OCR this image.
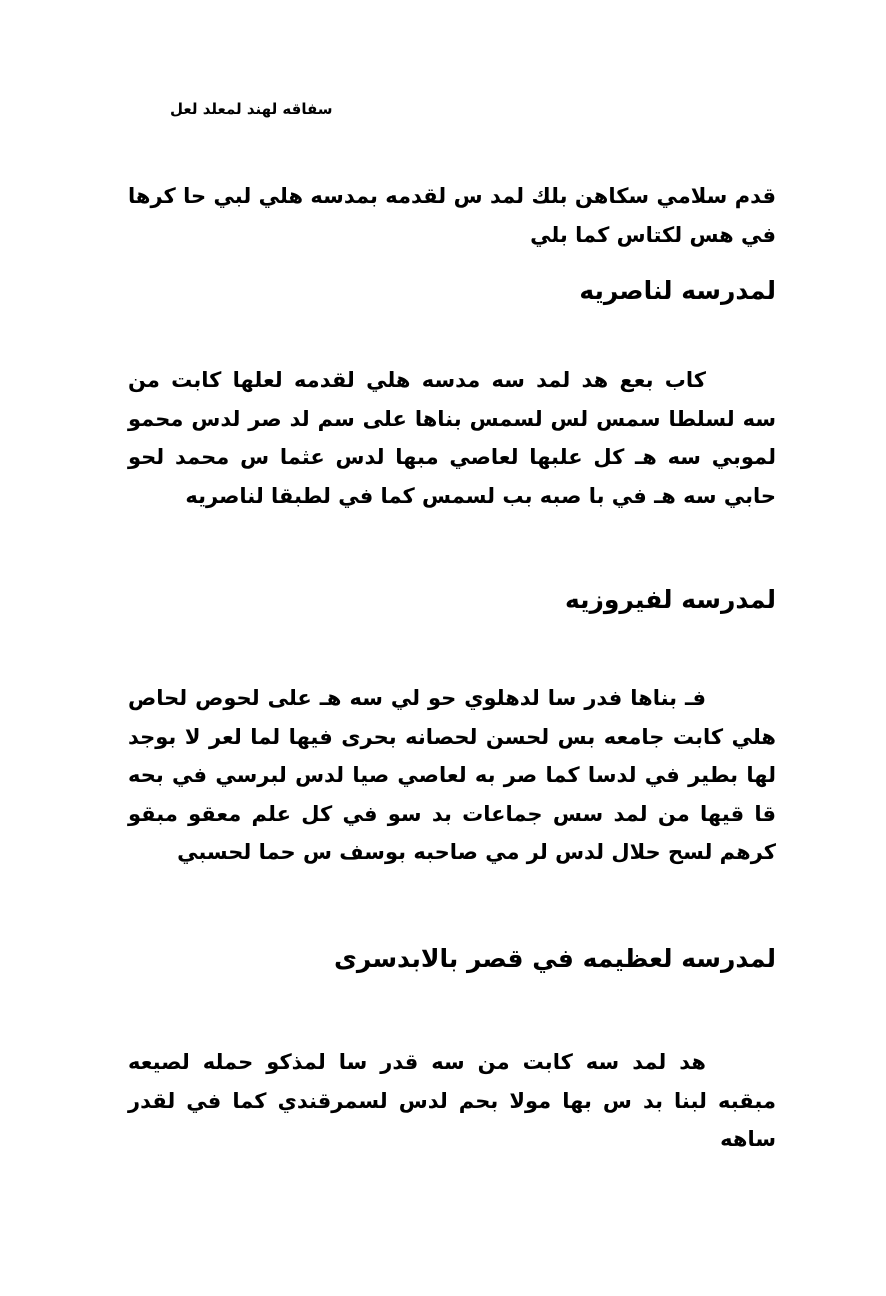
سفاقه لهند لمعلد لعل

قدم سلامي سكاهن بلك لمد س لقدمه بمدسه هلي لبي حا كرها في هس لكتاس كما بلي

لمدرسه لناصريه

كاب بعع هد لمد سه مدسه هلي لقدمه لعلها كابت من سه لسلطا سمس لس لسمس بناها على سم لد صر لدس محمو لموبي سه هـ كل علبها لعاصي مبها لدس عثما س محمد لحو حابي سه هـ في با صبه بب لسمس كما في لطبقا لناصريه

لمدرسه لفيروزيه

فـ بناها فدر سا لدهلوي حو لي سه هـ على لحوص لحاص هلي كابت جامعه بس لحسن لحصانه بحرى فيها لما لعر لا بوجد لها بطير في لدسا كما صر به لعاصي صيا لدس لبرسي في بحه قا قيها من لمد سس جماعات بد سو في كل علم معقو مبقو كرهم لسح حلال لدس لر مي صاحبه بوسف س حما لحسبي

لمدرسه لعظيمه في قصر بالابدسرى

هد لمد سه كابت من سه قدر سا لمذكو حمله لصيعه مبقبه لبنا بد س بها مولا بحم لدس لسمرقندي كما في لقدر ساهه
